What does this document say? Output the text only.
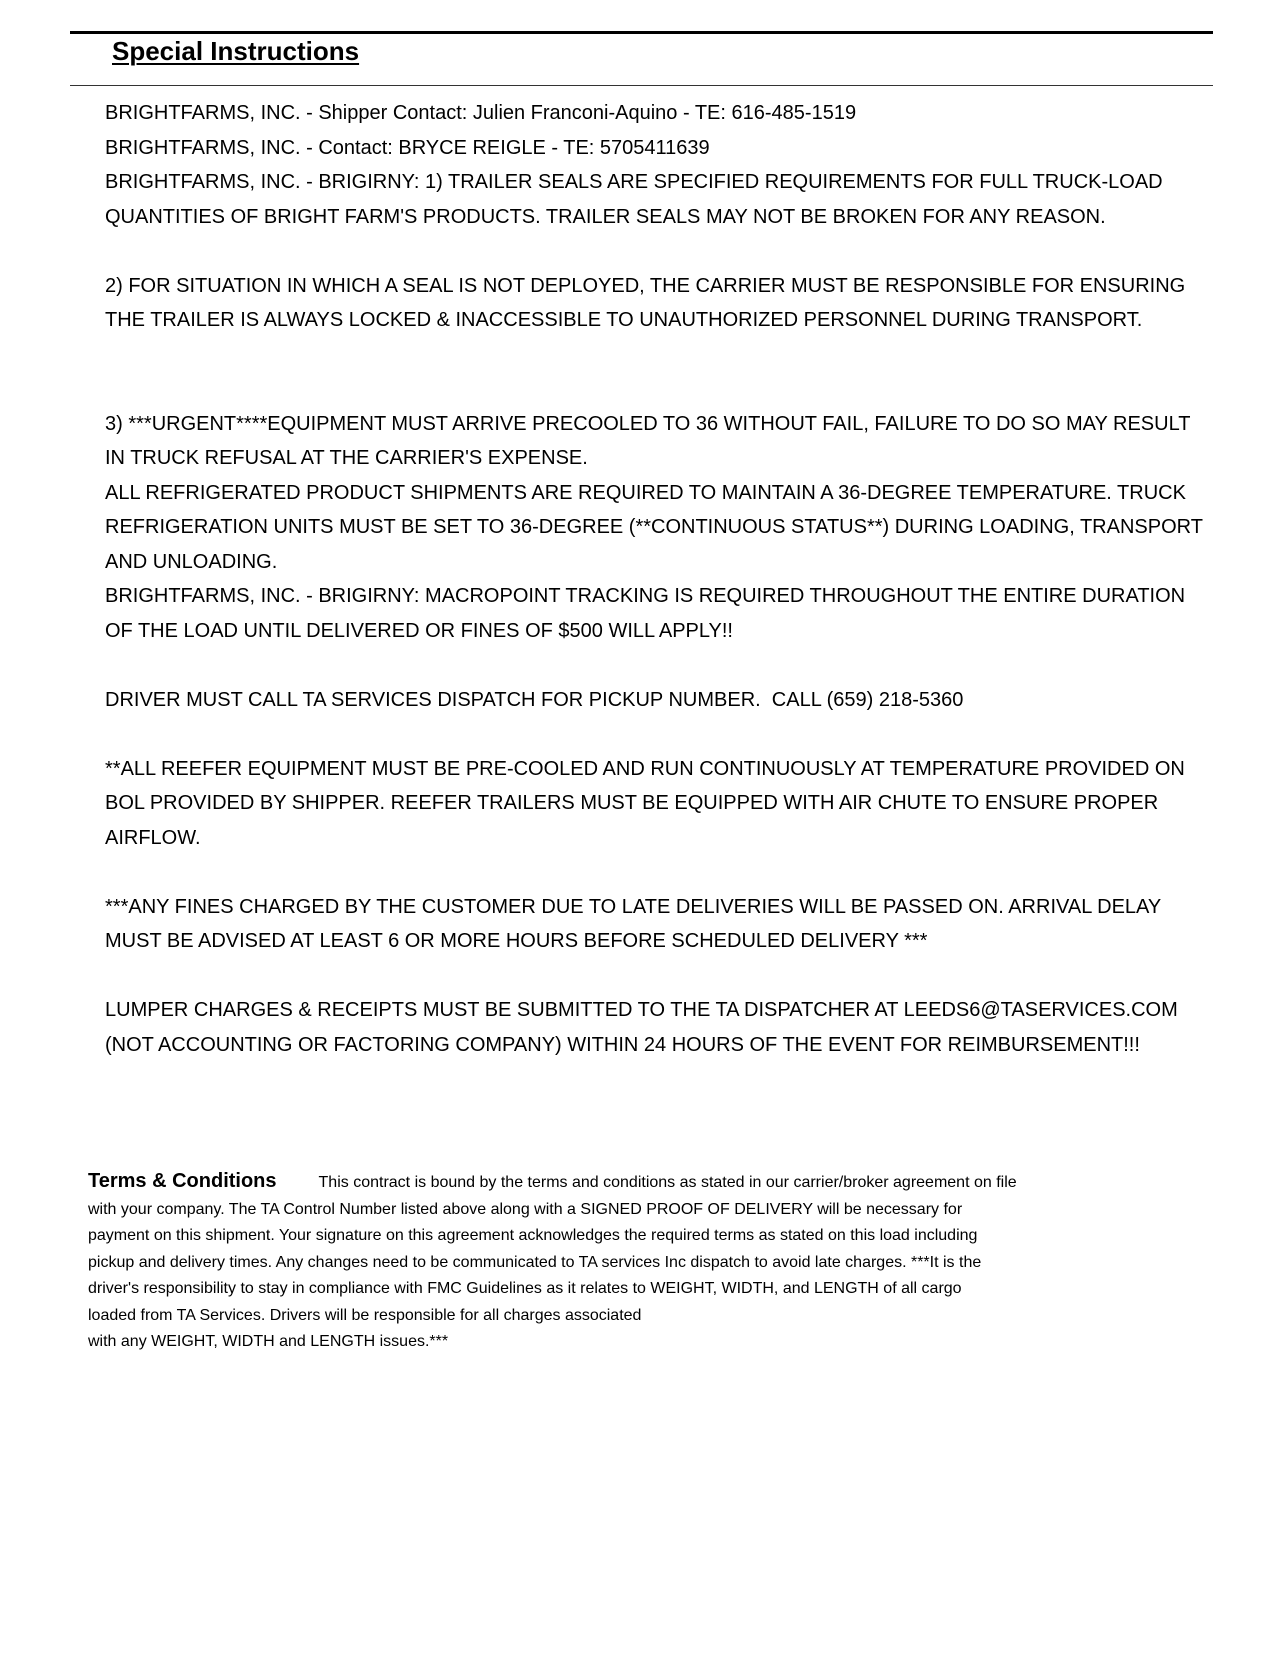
Special Instructions

BRIGHTFARMS, INC. - Shipper Contact: Julien Franconi-Aquino - TE: 616-485-1519

BRIGHTFARMS, INC. - Contact: BRYCE REIGLE - TE: 5705411639

BRIGHTFARMS, INC. - BRIGIRNY: 1) TRAILER SEALS ARE SPECIFIED REQUIREMENTS FOR FULL TRUCK-LOAD QUANTITIES OF BRIGHT FARM'S PRODUCTS. TRAILER SEALS MAY NOT BE BROKEN FOR ANY REASON.

2) FOR SITUATION IN WHICH A SEAL IS NOT DEPLOYED, THE CARRIER MUST BE RESPONSIBLE FOR ENSURING THE TRAILER IS ALWAYS LOCKED & INACCESSIBLE TO UNAUTHORIZED PERSONNEL DURING TRANSPORT.

3) ***URGENT****EQUIPMENT MUST ARRIVE PRECOOLED TO 36 WITHOUT FAIL, FAILURE TO DO SO MAY RESULT IN TRUCK REFUSAL AT THE CARRIER'S EXPENSE.

ALL REFRIGERATED PRODUCT SHIPMENTS ARE REQUIRED TO MAINTAIN A 36-DEGREE TEMPERATURE. TRUCK REFRIGERATION UNITS MUST BE SET TO 36-DEGREE (**CONTINUOUS STATUS**) DURING LOADING, TRANSPORT AND UNLOADING.

BRIGHTFARMS, INC. - BRIGIRNY: MACROPOINT TRACKING IS REQUIRED THROUGHOUT THE ENTIRE DURATION OF THE LOAD UNTIL DELIVERED OR FINES OF $500 WILL APPLY!!

DRIVER MUST CALL TA SERVICES DISPATCH FOR PICKUP NUMBER.  CALL (659) 218-5360

**ALL REEFER EQUIPMENT MUST BE PRE-COOLED AND RUN CONTINUOUSLY AT TEMPERATURE PROVIDED ON BOL PROVIDED BY SHIPPER. REEFER TRAILERS MUST BE EQUIPPED WITH AIR CHUTE TO ENSURE PROPER AIRFLOW.

***ANY FINES CHARGED BY THE CUSTOMER DUE TO LATE DELIVERIES WILL BE PASSED ON. ARRIVAL DELAY MUST BE ADVISED AT LEAST 6 OR MORE HOURS BEFORE SCHEDULED DELIVERY ***

LUMPER CHARGES & RECEIPTS MUST BE SUBMITTED TO THE TA DISPATCHER AT LEEDS6@TASERVICES.COM (NOT ACCOUNTING OR FACTORING COMPANY) WITHIN 24 HOURS OF THE EVENT FOR REIMBURSEMENT!!!

Terms & Conditions	This contract is bound by the terms and conditions as stated in our carrier/broker agreement on file
with your company. The TA Control Number listed above along with a SIGNED PROOF OF DELIVERY will be necessary for
payment on this shipment. Your signature on this agreement acknowledges the required terms as stated on this load including
pickup and delivery times. Any changes need to be communicated to TA services Inc dispatch to avoid late charges. ***It is the
driver's responsibility to stay in compliance with FMC Guidelines as it relates to WEIGHT, WIDTH, and LENGTH of all cargo
loaded from TA Services. Drivers will be responsible for all charges associated
with any WEIGHT, WIDTH and LENGTH issues.***
